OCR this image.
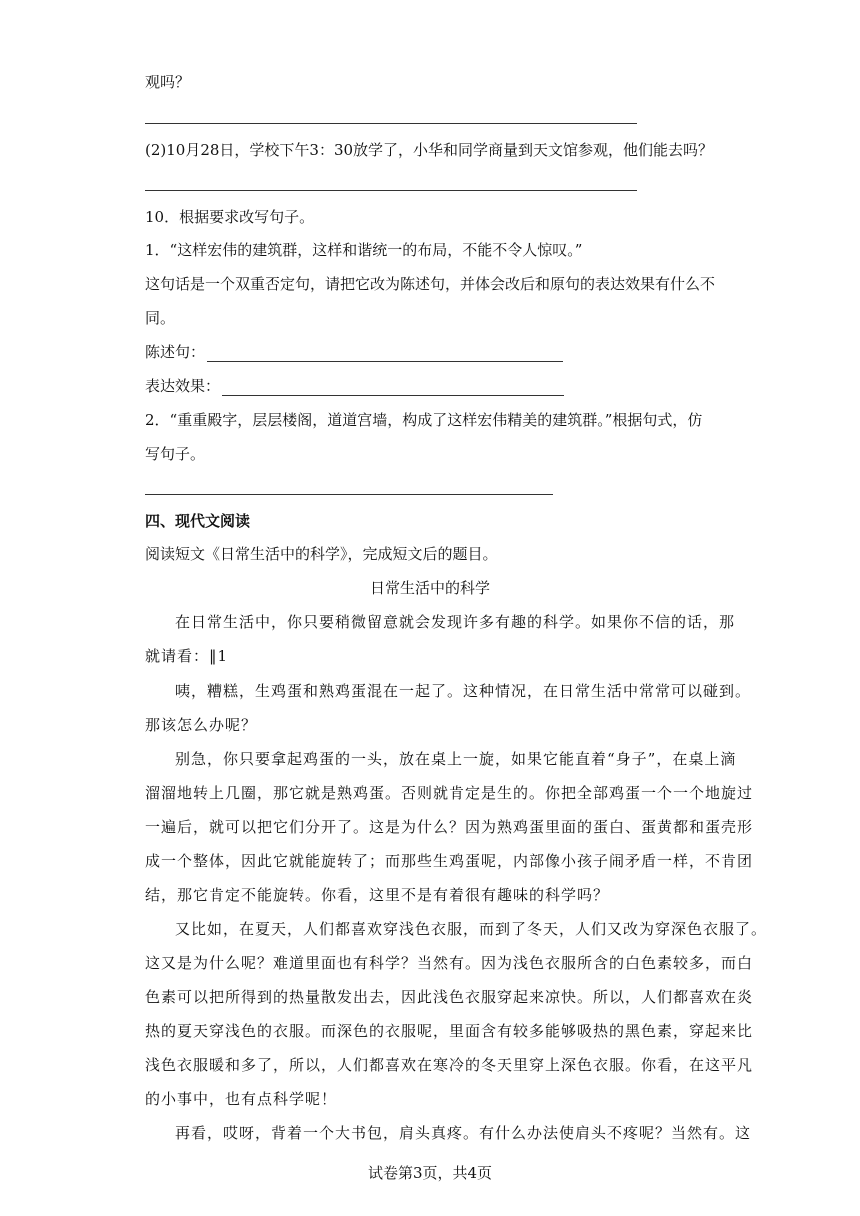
观吗？
(2)10月28日，学校下午3：30放学了，小华和同学商量到天文馆参观，他们能去吗？
10．根据要求改写句子。
1．“这样宏伟的建筑群，这样和谐统一的布局，不能不令人惊叹。”
这句话是一个双重否定句，请把它改为陈述句，并体会改后和原句的表达效果有什么不
同。
陈述句：
表达效果：
2．“重重殿字，层层楼阁，道道宫墙，构成了这样宏伟精美的建筑群。”根据句式，仿
写句子。
四、现代文阅读
阅读短文《日常生活中的科学》，完成短文后的题目。
日常生活中的科学
在日常生活中，你只要稍微留意就会发现许多有趣的科学。如果你不信的话，那
就请看：‖1
咦，糟糕，生鸡蛋和熟鸡蛋混在一起了。这种情况，在日常生活中常常可以碰到。
那该怎么办呢？
别急，你只要拿起鸡蛋的一头，放在桌上一旋，如果它能直着“身子”，在桌上滴
溜溜地转上几圈，那它就是熟鸡蛋。否则就肯定是生的。你把全部鸡蛋一个一个地旋过
一遍后，就可以把它们分开了。这是为什么？因为熟鸡蛋里面的蛋白、蛋黄都和蛋壳形
成一个整体，因此它就能旋转了；而那些生鸡蛋呢，内部像小孩子闹矛盾一样，不肯团
结，那它肯定不能旋转。你看，这里不是有着很有趣味的科学吗？
又比如，在夏天，人们都喜欢穿浅色衣服，而到了冬天，人们又改为穿深色衣服了。
这又是为什么呢？难道里面也有科学？当然有。因为浅色衣服所含的白色素较多，而白
色素可以把所得到的热量散发出去，因此浅色衣服穿起来凉快。所以，人们都喜欢在炎
热的夏天穿浅色的衣服。而深色的衣服呢，里面含有较多能够吸热的黑色素，穿起来比
浅色衣服暖和多了，所以，人们都喜欢在寒冷的冬天里穿上深色衣服。你看，在这平凡
的小事中，也有点科学呢！
再看，哎呀，背着一个大书包，肩头真疼。有什么办法使肩头不疼呢？当然有。这
试卷第3页，共4页
